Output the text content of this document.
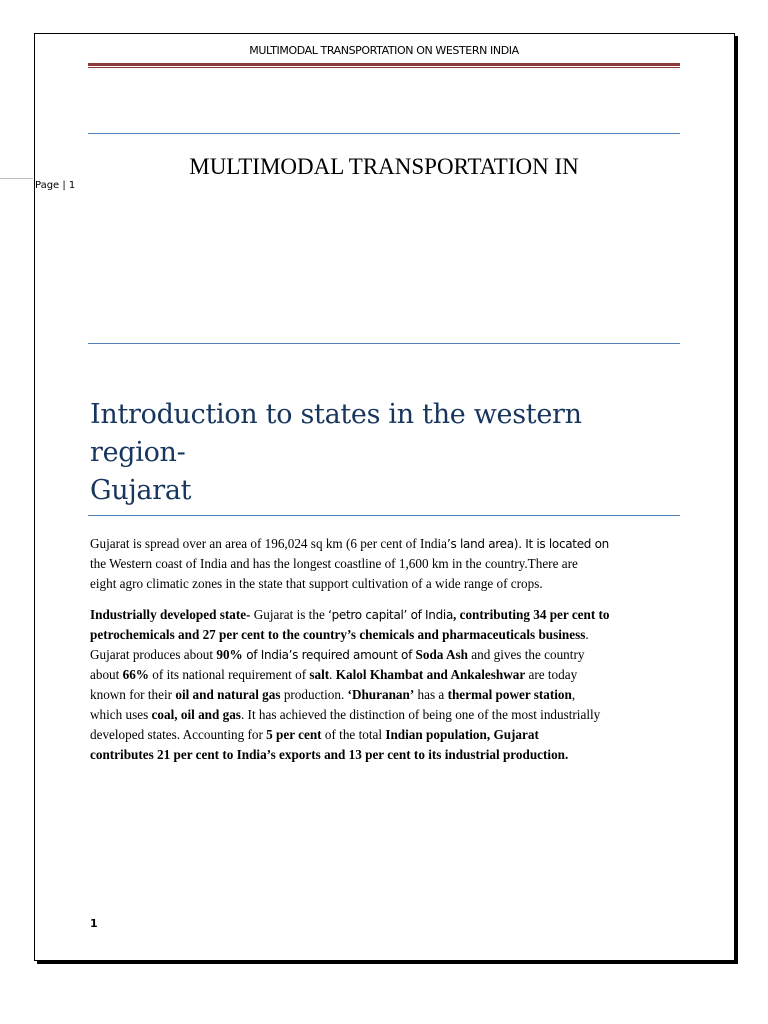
MULTIMODAL TRANSPORTATION ON WESTERN INDIA
Page | 1
MULTIMODAL TRANSPORTATION IN
Introduction to states in the western
region-
Gujarat
Gujarat is spread over an area of 196,024 sq km (6 per cent of India’s land area). It is located on
the Western coast of India and has the longest coastline of 1,600 km in the country.There are
eight agro climatic zones in the state that support cultivation of a wide range of crops.
Industrially developed state- Gujarat is the ‘petro capital’ of India, contributing 34 per cent to
petrochemicals and 27 per cent to the country’s chemicals and pharmaceuticals business.
Gujarat produces about 90% of India’s required amount of Soda Ash and gives the country
about 66% of its national requirement of salt. Kalol Khambat and Ankaleshwar are today
known for their oil and natural gas production. ‘Dhuranan’ has a thermal power station,
which uses coal, oil and gas. It has achieved the distinction of being one of the most industrially
developed states. Accounting for 5 per cent of the total Indian population, Gujarat
contributes 21 per cent to India’s exports and 13 per cent to its industrial production.
1
